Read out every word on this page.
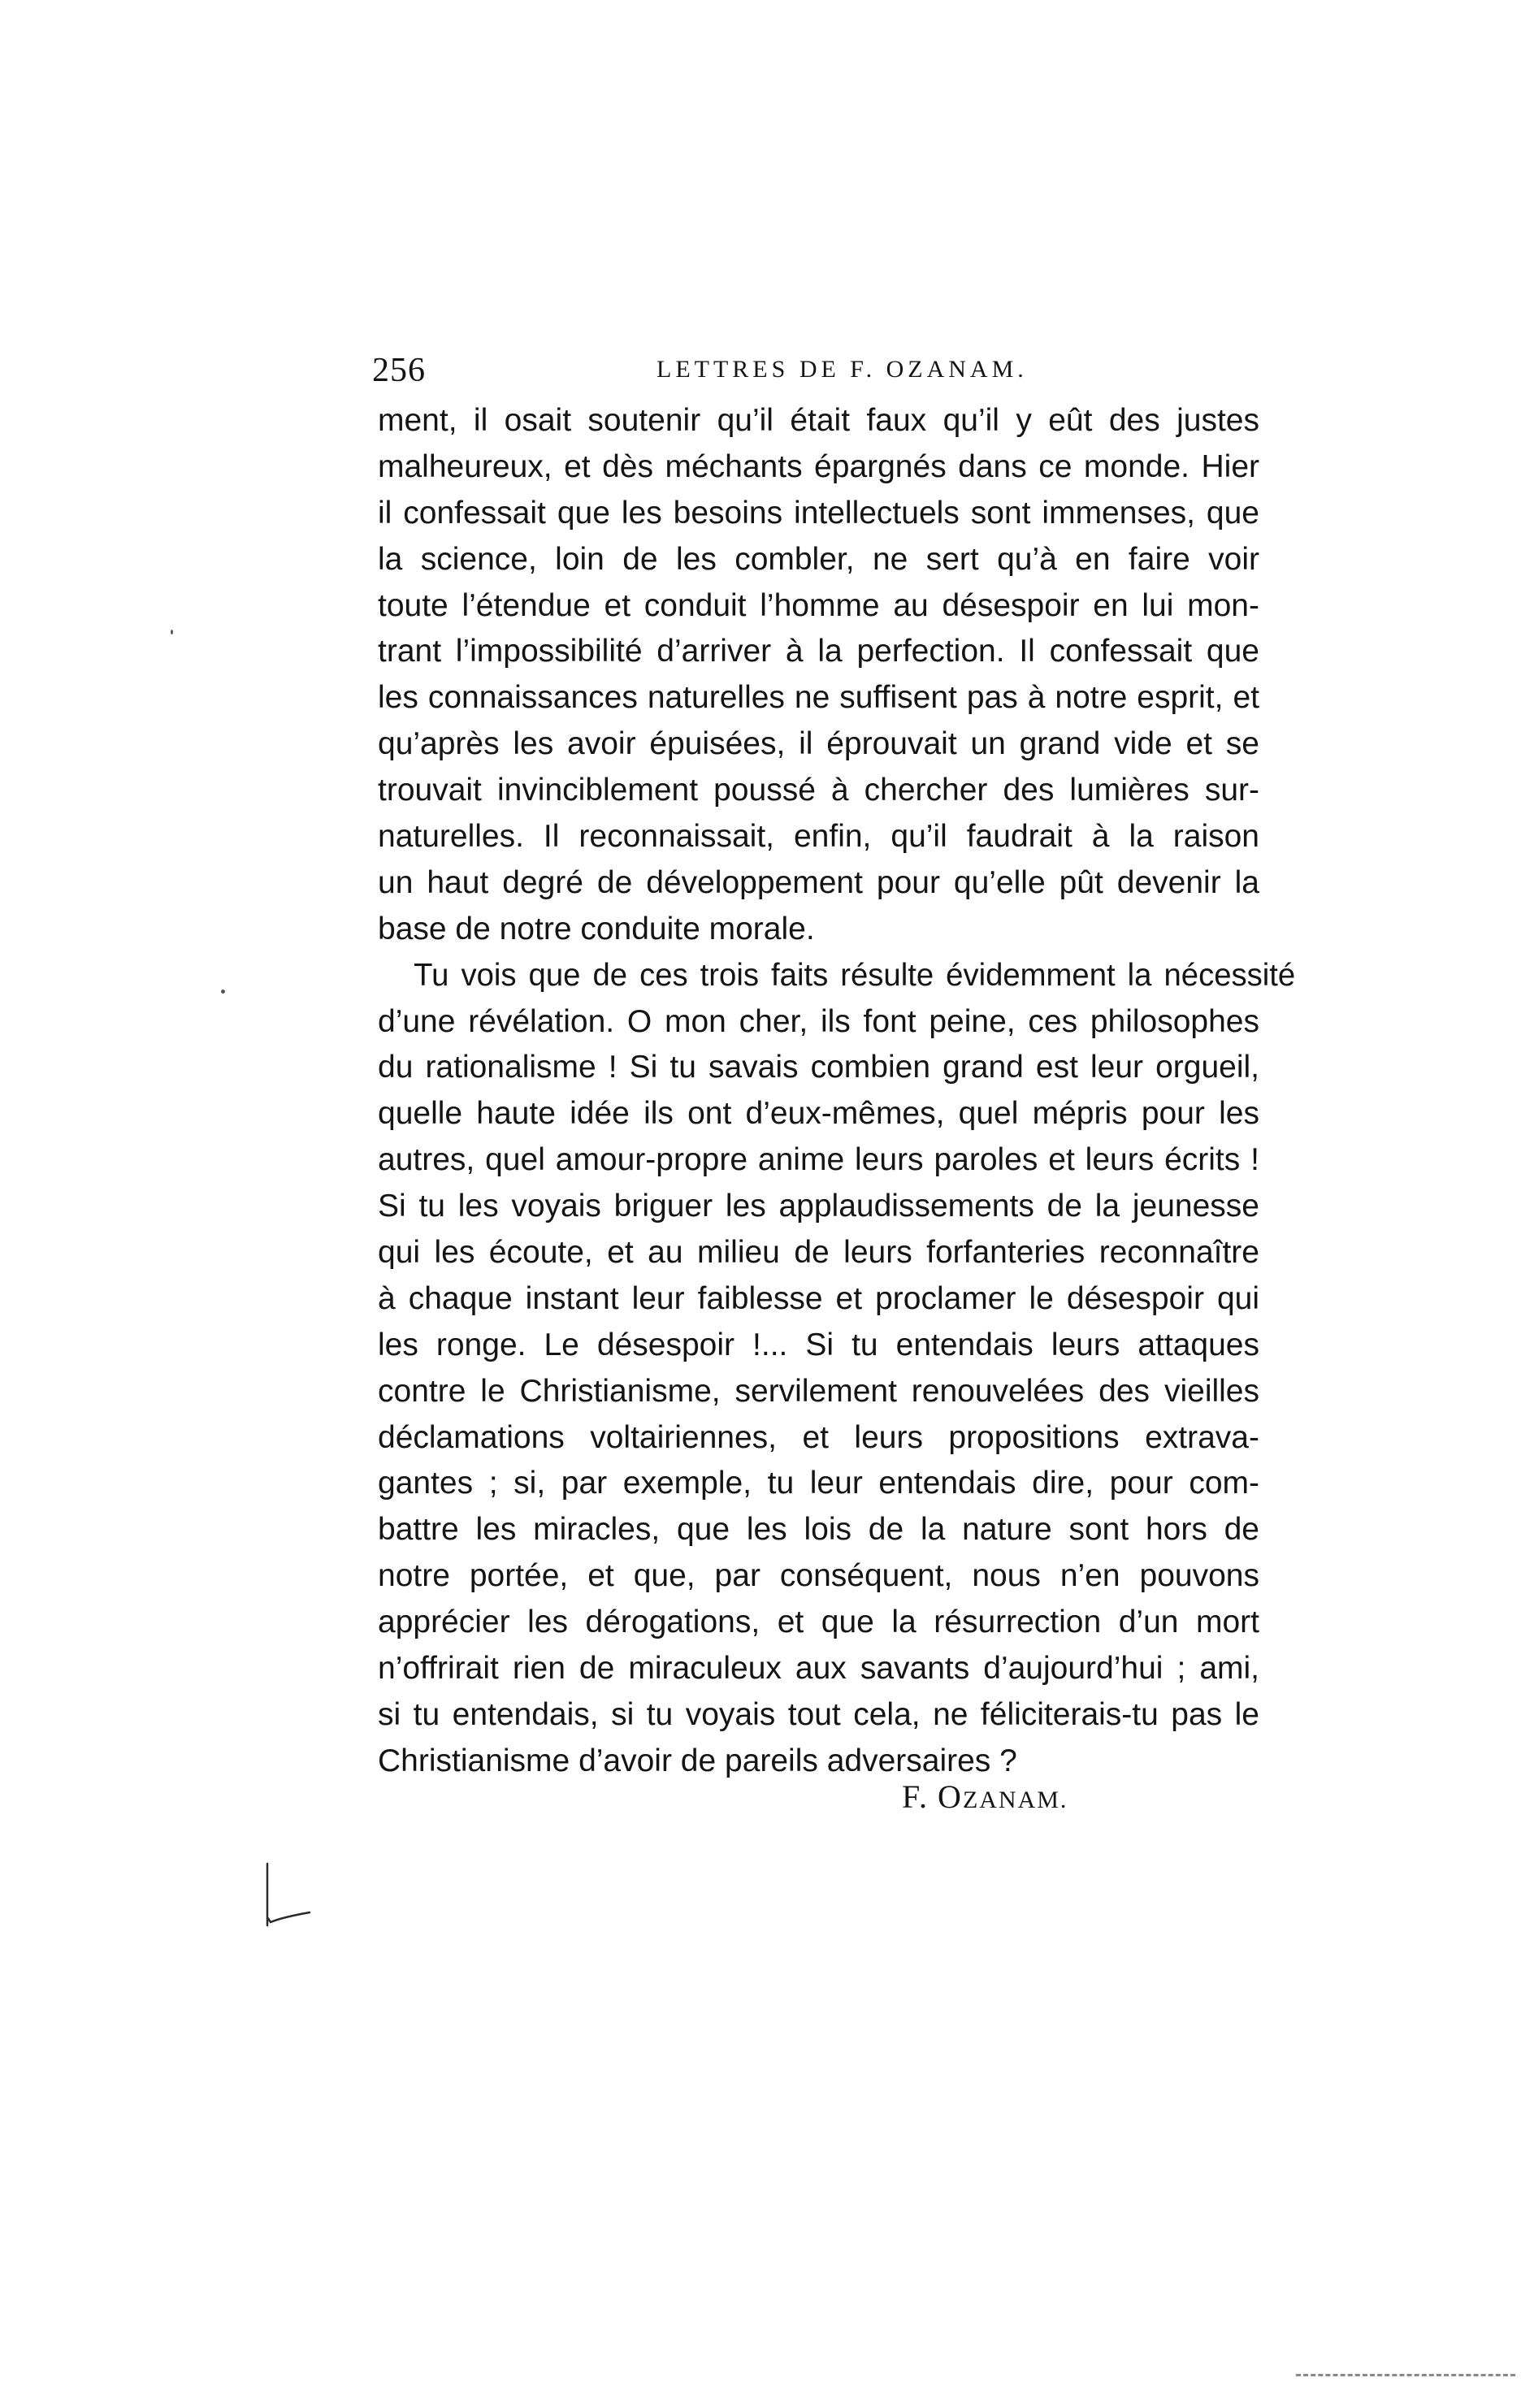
256	LETTRES DE F. OZANAM.
ment, il osait soutenir qu’il était faux qu’il y eût des justes
malheureux, et dès méchants épargnés dans ce monde. Hier
il confessait que les besoins intellectuels sont immenses, que
la science, loin de les combler, ne sert qu’à en faire voir
toute l’étendue et conduit l’homme au désespoir en lui mon-
trant l’impossibilité d’arriver à la perfection. Il confessait que
les connaissances naturelles ne suffisent pas à notre esprit, et
qu’après les avoir épuisées, il éprouvait un grand vide et se
trouvait invinciblement poussé à chercher des lumières sur-
naturelles. Il reconnaissait, enfin, qu’il faudrait à la raison
un haut degré de développement pour qu’elle pût devenir la
base de notre conduite morale.
Tu vois que de ces trois faits résulte évidemment la nécessité
d’une révélation. O mon cher, ils font peine, ces philosophes
du rationalisme ! Si tu savais combien grand est leur orgueil,
quelle haute idée ils ont d’eux-mêmes, quel mépris pour les
autres, quel amour-propre anime leurs paroles et leurs écrits !
Si tu les voyais briguer les applaudissements de la jeunesse
qui les écoute, et au milieu de leurs forfanteries reconnaître
à chaque instant leur faiblesse et proclamer le désespoir qui
les ronge. Le désespoir !... Si tu entendais leurs attaques
contre le Christianisme, servilement renouvelées des vieilles
déclamations voltairiennes, et leurs propositions extrava-
gantes ; si, par exemple, tu leur entendais dire, pour com-
battre les miracles, que les lois de la nature sont hors de
notre portée, et que, par conséquent, nous n’en pouvons
apprécier les dérogations, et que la résurrection d’un mort
n’offrirait rien de miraculeux aux savants d’aujourd’hui ; ami,
si tu entendais, si tu voyais tout cela, ne féliciterais-tu pas le
Christianisme d’avoir de pareils adversaires ?
F. OZANAM.
